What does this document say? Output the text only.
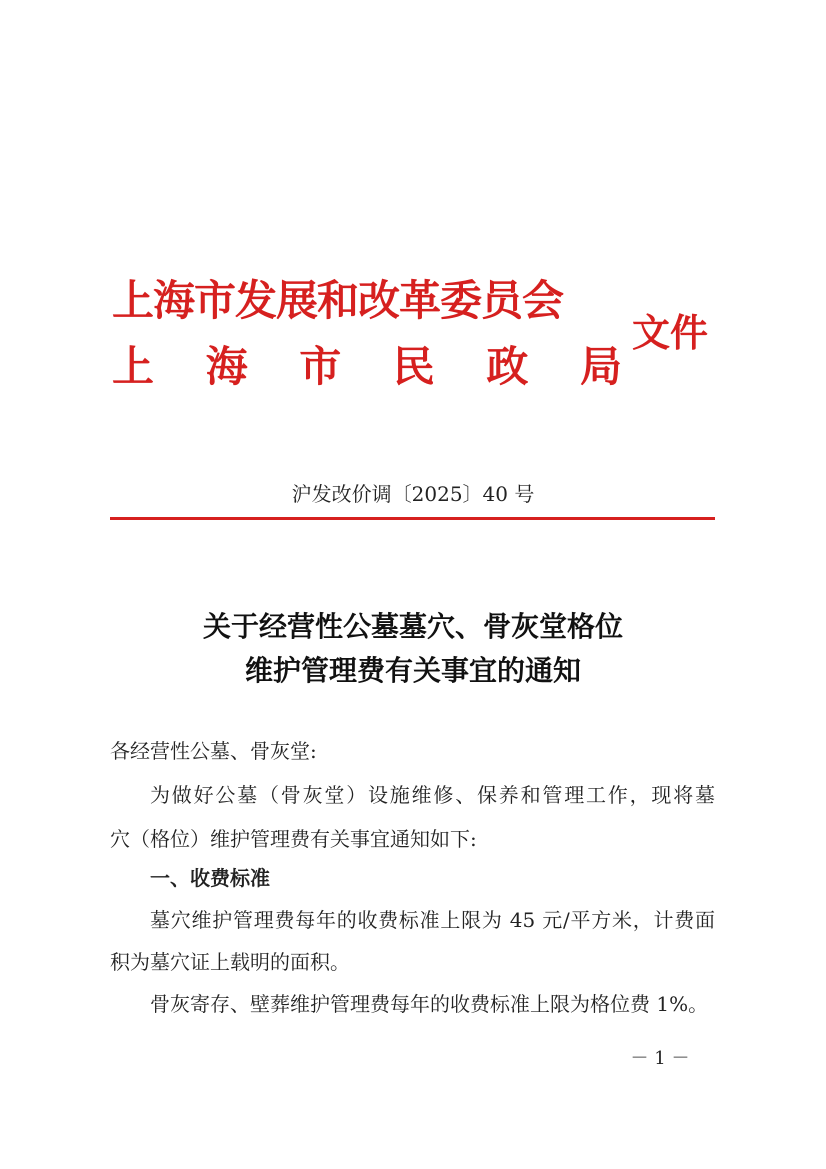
上海市发展和改革委员会
上 海 市 民 政 局
文件
沪发改价调〔2025〕40 号
关于经营性公墓墓穴、骨灰堂格位
维护管理费有关事宜的通知
各经营性公墓、骨灰堂:
为做好公墓（骨灰堂）设施维修、保养和管理工作，现将墓
穴（格位）维护管理费有关事宜通知如下:
一、收费标准
墓穴维护管理费每年的收费标准上限为 45 元/平方米，计费面
积为墓穴证上载明的面积。
骨灰寄存、壁葬维护管理费每年的收费标准上限为格位费 1%。
－ 1 －
